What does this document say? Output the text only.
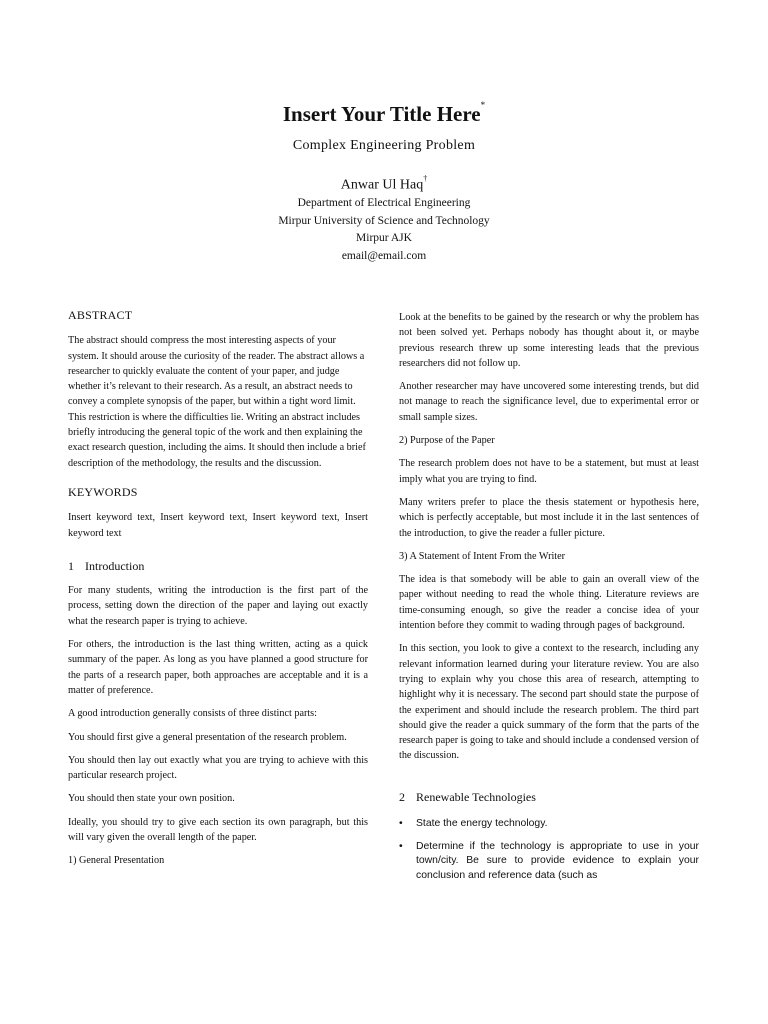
Insert Your Title Here*
Complex Engineering Problem
Anwar Ul Haq†
Department of Electrical Engineering
Mirpur University of Science and Technology
Mirpur AJK
email@email.com
ABSTRACT

The abstract should compress the most interesting aspects of your system. It should arouse the curiosity of the reader. The abstract allows a researcher to quickly evaluate the content of your paper, and judge whether it’s relevant to their research. As a result, an abstract needs to convey a complete synopsis of the paper, but within a tight word limit. This restriction is where the difficulties lie. Writing an abstract includes briefly introducing the general topic of the work and then explaining the exact research question, including the aims. It should then include a brief description of the methodology, the results and the discussion.

KEYWORDS

Insert keyword text, Insert keyword text, Insert keyword text, Insert keyword text

1 Introduction

For many students, writing the introduction is the first part of the process, setting down the direction of the paper and laying out exactly what the research paper is trying to achieve.

For others, the introduction is the last thing written, acting as a quick summary of the paper. As long as you have planned a good structure for the parts of a research paper, both approaches are acceptable and it is a matter of preference.

A good introduction generally consists of three distinct parts:

You should first give a general presentation of the research problem.

You should then lay out exactly what you are trying to achieve with this particular research project.

You should then state your own position.

Ideally, you should try to give each section its own paragraph, but this will vary given the overall length of the paper.

1) General Presentation

Look at the benefits to be gained by the research or why the problem has not been solved yet. Perhaps nobody has thought about it, or maybe previous research threw up some interesting leads that the previous researchers did not follow up.

Another researcher may have uncovered some interesting trends, but did not manage to reach the significance level, due to experimental error or small sample sizes.

2) Purpose of the Paper

The research problem does not have to be a statement, but must at least imply what you are trying to find.

Many writers prefer to place the thesis statement or hypothesis here, which is perfectly acceptable, but most include it in the last sentences of the introduction, to give the reader a fuller picture.

3) A Statement of Intent From the Writer

The idea is that somebody will be able to gain an overall view of the paper without needing to read the whole thing. Literature reviews are time-consuming enough, so give the reader a concise idea of your intention before they commit to wading through pages of background.

In this section, you look to give a context to the research, including any relevant information learned during your literature review. You are also trying to explain why you chose this area of research, attempting to highlight why it is necessary. The second part should state the purpose of the experiment and should include the research problem. The third part should give the reader a quick summary of the form that the parts of the research paper is going to take and should include a condensed version of the discussion.

2 Renewable Technologies
• State the energy technology.
• Determine if the technology is appropriate to use in your town/city. Be sure to provide evidence to explain your conclusion and reference data (such as
